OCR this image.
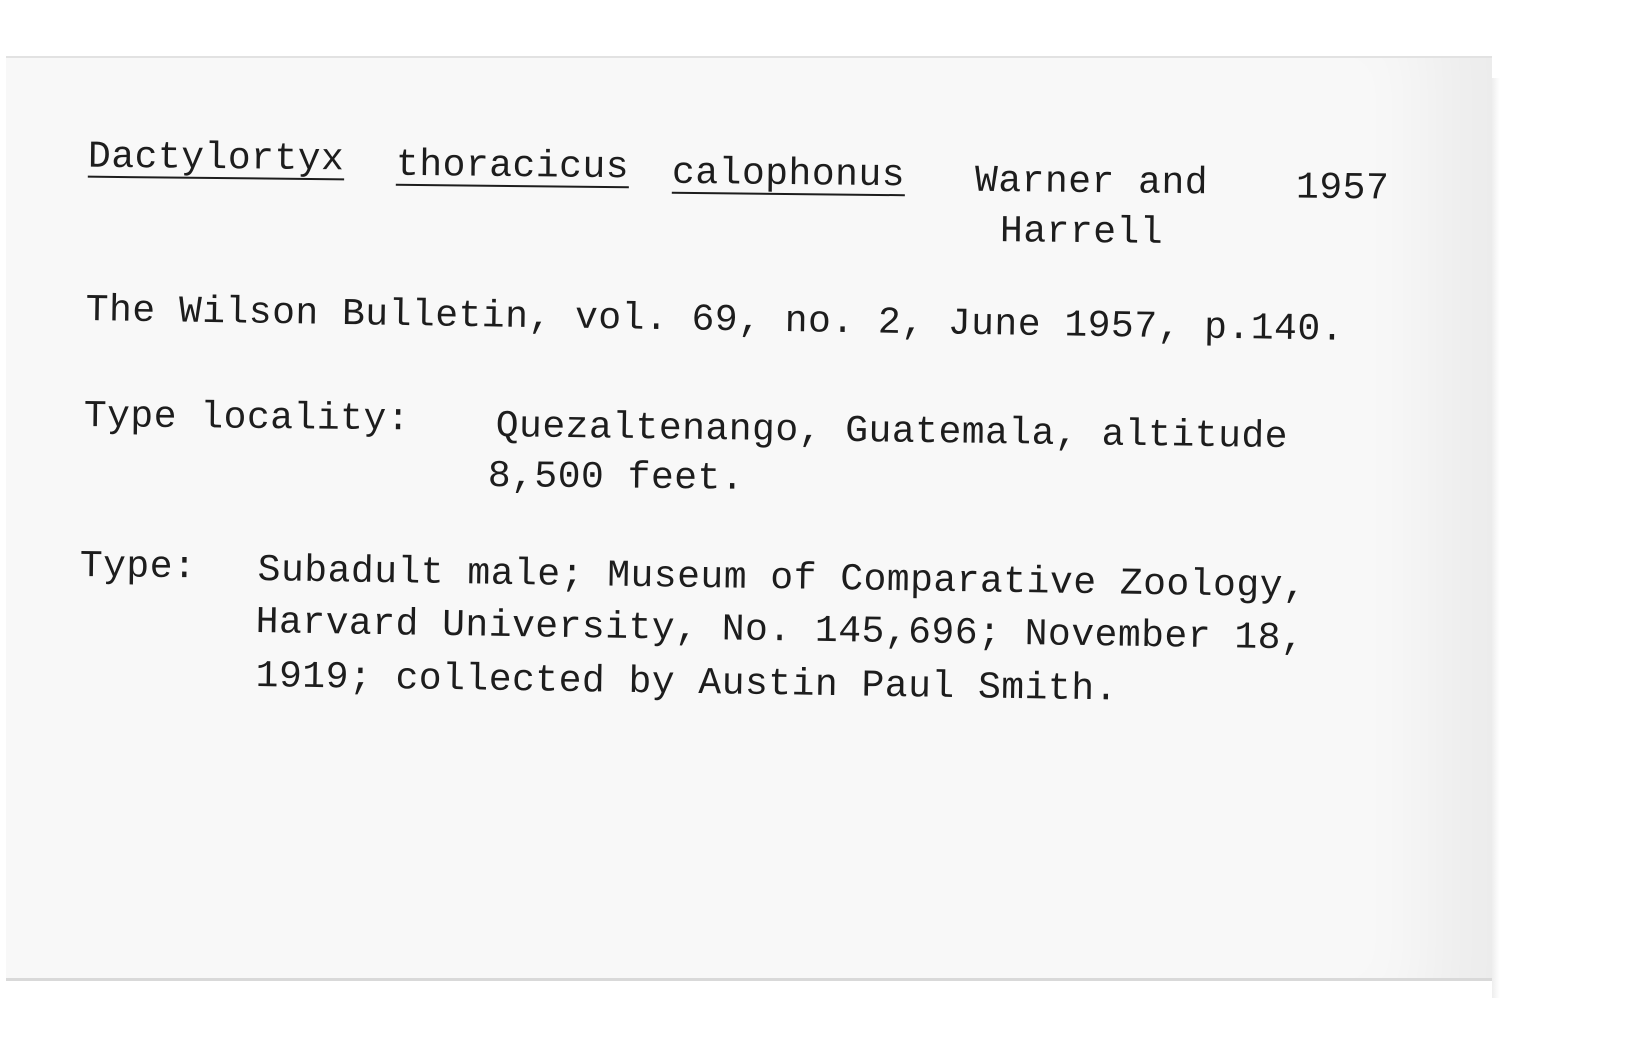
Dactylortyx thoracicus calophonus Warner and
Harrell
1957
The Wilson Bulletin, vol. 69, no. 2, June 1957, p.140.
Type locality: Quezaltenango, Guatemala, altitude
8,500 feet.
Type: Subadult male; Museum of Comparative Zoology,
Harvard University, No. 145,696; November 18,
1919; collected by Austin Paul Smith.
